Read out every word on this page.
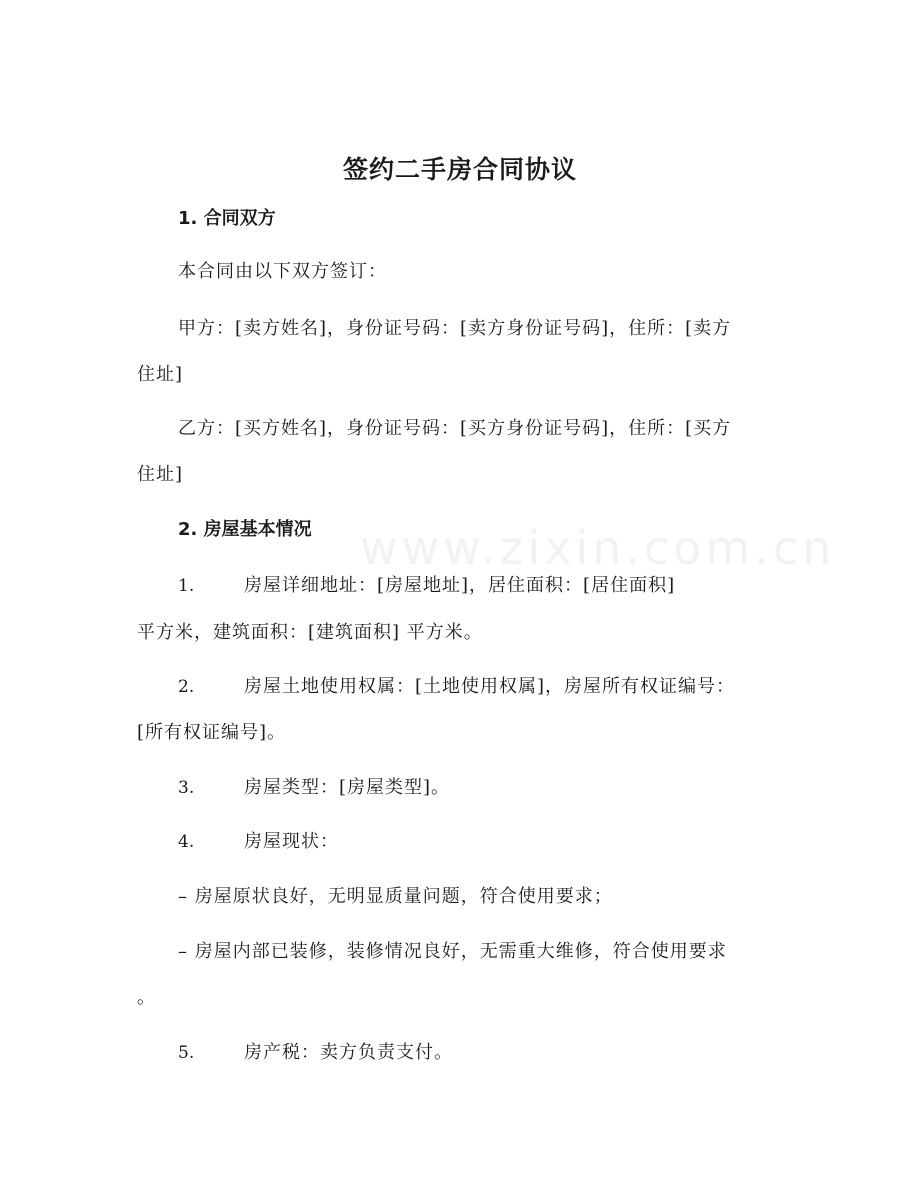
www.zixin.com.cn
签约二手房合同协议
1. 合同双方
本合同由以下双方签订：
甲方：[卖方姓名]，身份证号码：[卖方身份证号码]，住所：[卖方
住址]
乙方：[买方姓名]，身份证号码：[买方身份证号码]，住所：[买方
住址]
2. 房屋基本情况
1.	房屋详细地址：[房屋地址]，居住面积：[居住面积]
平方米，建筑面积：[建筑面积] 平方米。
2.	房屋土地使用权属：[土地使用权属]，房屋所有权证编号：
[所有权证编号]。
3.	房屋类型：[房屋类型]。
4.	房屋现状：
– 房屋原状良好，无明显质量问题，符合使用要求；
– 房屋内部已装修，装修情况良好，无需重大维修，符合使用要求
。
5.	房产税：卖方负责支付。
